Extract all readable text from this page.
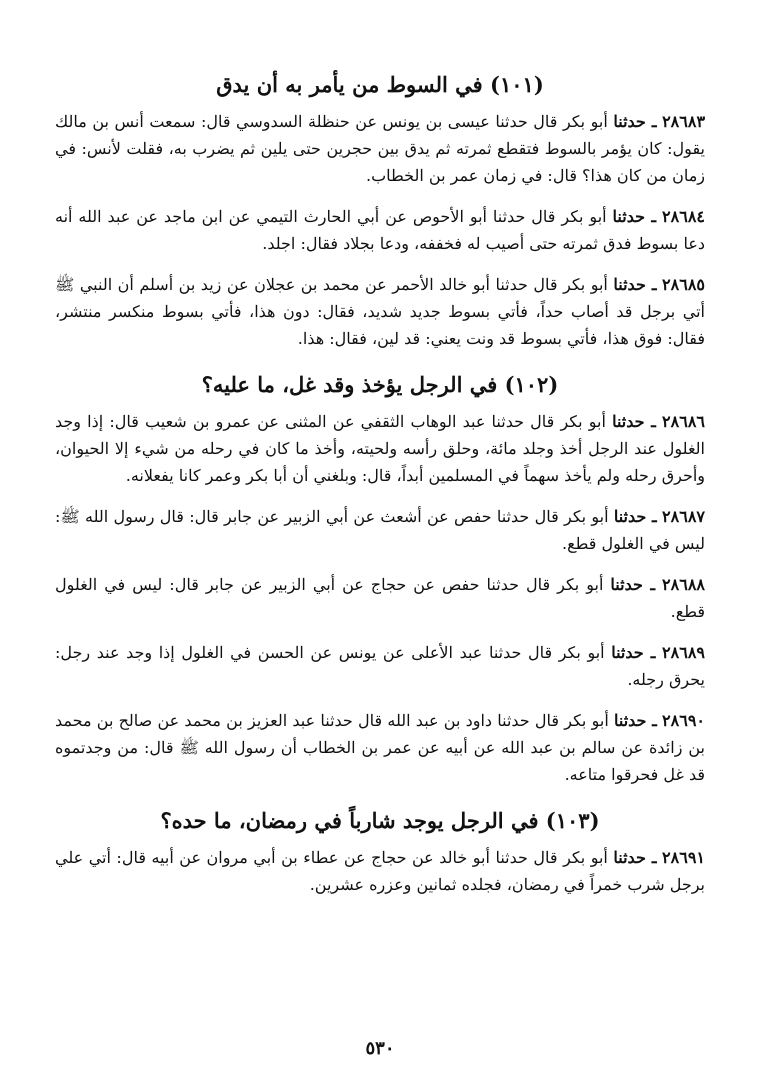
(١٠١) في السوط من يأمر به أن يدق

٢٨٦٨٣ ـ حدثنا أبو بكر قال حدثنا عيسى بن يونس عن حنظلة السدوسي قال: سمعت أنس بن مالك يقول: كان يؤمر بالسوط فتقطع ثمرته ثم يدق بين حجرين حتى يلين ثم يضرب به، فقلت لأنس: في زمان من كان هذا؟ قال: في زمان عمر بن الخطاب.

٢٨٦٨٤ ـ حدثنا أبو بكر قال حدثنا أبو الأحوص عن أبي الحارث التيمي عن ابن ماجد عن عبد الله أنه دعا بسوط فدق ثمرته حتى أصيب له فخففه، ودعا بجلاد فقال: اجلد.

٢٨٦٨٥ ـ حدثنا أبو بكر قال حدثنا أبو خالد الأحمر عن محمد بن عجلان عن زيد بن أسلم أن النبي ﷺ أتي برجل قد أصاب حداً، فأتي بسوط جديد شديد، فقال: دون هذا، فأتي بسوط منكسر منتشر، فقال: فوق هذا، فأتي بسوط قد ونت يعني: قد لين، فقال: هذا.

(١٠٢) في الرجل يؤخذ وقد غل، ما عليه؟

٢٨٦٨٦ ـ حدثنا أبو بكر قال حدثنا عبد الوهاب الثقفي عن المثنى عن عمرو بن شعيب قال: إذا وجد الغلول عند الرجل أخذ وجلد مائة، وحلق رأسه ولحيته، وأخذ ما كان في رحله من شيء إلا الحيوان، وأحرق رحله ولم يأخذ سهماً في المسلمين أبداً، قال: وبلغني أن أبا بكر وعمر كانا يفعلانه.

٢٨٦٨٧ ـ حدثنا أبو بكر قال حدثنا حفص عن أشعث عن أبي الزبير عن جابر قال: قال رسول الله ﷺ: ليس في الغلول قطع.

٢٨٦٨٨ ـ حدثنا أبو بكر قال حدثنا حفص عن حجاج عن أبي الزبير عن جابر قال: ليس في الغلول قطع.

٢٨٦٨٩ ـ حدثنا أبو بكر قال حدثنا عبد الأعلى عن يونس عن الحسن في الغلول إذا وجد عند رجل: يحرق رجله.

٢٨٦٩٠ ـ حدثنا أبو بكر قال حدثنا داود بن عبد الله قال حدثنا عبد العزيز بن محمد عن صالح بن محمد بن زائدة عن سالم بن عبد الله عن أبيه عن عمر بن الخطاب أن رسول الله ﷺ قال: من وجدتموه قد غل فحرقوا متاعه.

(١٠٣) في الرجل يوجد شارباً في رمضان، ما حده؟

٢٨٦٩١ ـ حدثنا أبو بكر قال حدثنا أبو خالد عن حجاج عن عطاء بن أبي مروان عن أبيه قال: أتي علي برجل شرب خمراً في رمضان، فجلده ثمانين وعزره عشرين.

٥٣٠
